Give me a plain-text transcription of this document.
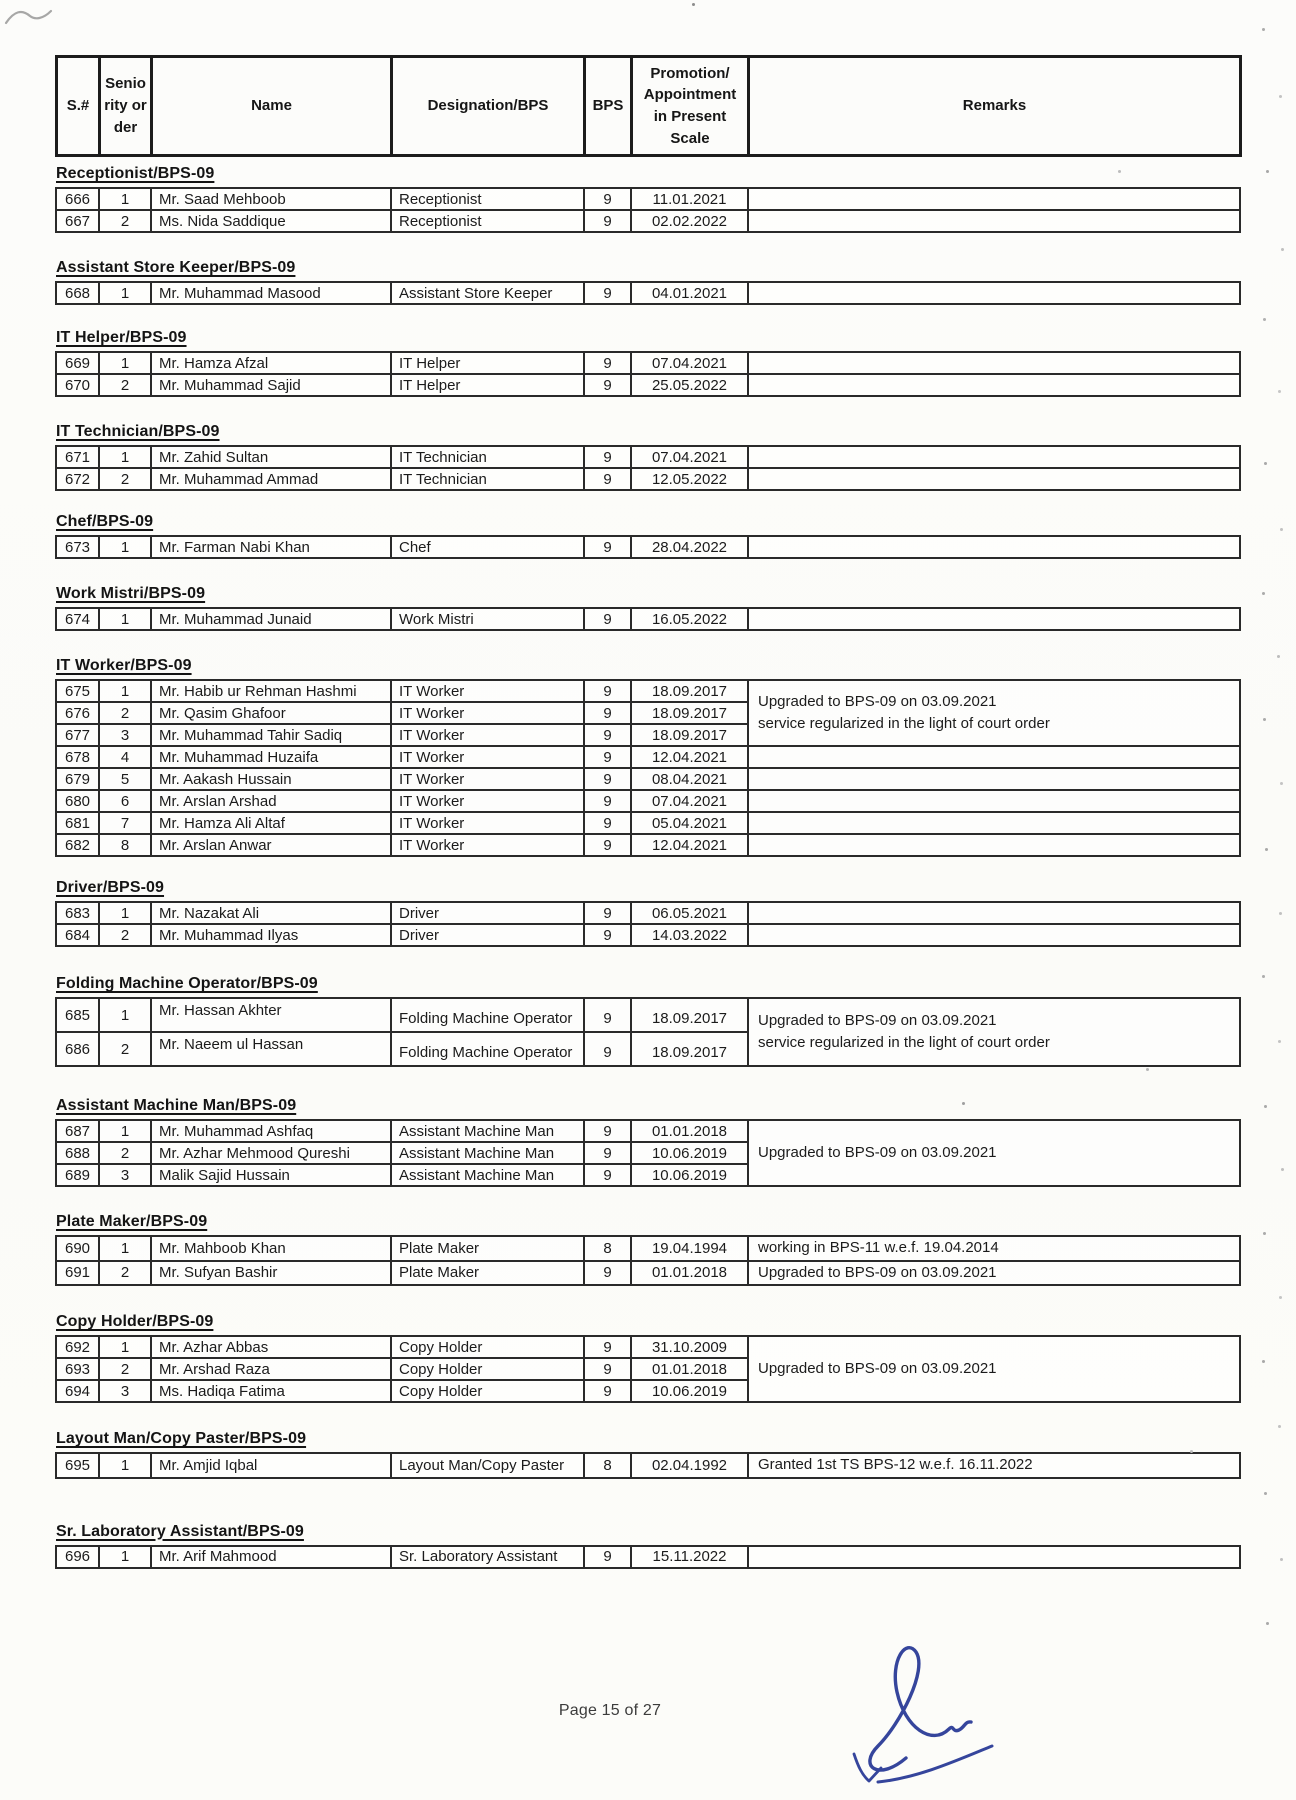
S.#	Seniority order	Name	Designation/BPS	BPS	Promotion/ Appointment in Present Scale	Remarks
Receptionist/BPS-09
666	1	Mr. Saad Mehboob	Receptionist	9	11.01.2021	
667	2	Ms. Nida Saddique	Receptionist	9	02.02.2022	
Assistant Store Keeper/BPS-09
668	1	Mr. Muhammad Masood	Assistant Store Keeper	9	04.01.2021	
IT Helper/BPS-09
669	1	Mr. Hamza Afzal	IT Helper	9	07.04.2021	
670	2	Mr. Muhammad Sajid	IT Helper	9	25.05.2022	
IT Technician/BPS-09
671	1	Mr. Zahid Sultan	IT Technician	9	07.04.2021	
672	2	Mr. Muhammad Ammad	IT Technician	9	12.05.2022	
Chef/BPS-09
673	1	Mr. Farman Nabi Khan	Chef	9	28.04.2022	
Work Mistri/BPS-09
674	1	Mr. Muhammad Junaid	Work Mistri	9	16.05.2022	
IT Worker/BPS-09
675	1	Mr. Habib ur Rehman Hashmi	IT Worker	9	18.09.2017	Upgraded to BPS-09 on 03.09.2021
service regularized in the light of court order

676	2	Mr. Qasim Ghafoor	IT Worker	9	18.09.2017	
677	3	Mr. Muhammad Tahir Sadiq	IT Worker	9	18.09.2017	
678	4	Mr. Muhammad Huzaifa	IT Worker	9	12.04.2021	
679	5	Mr. Aakash Hussain	IT Worker	9	08.04.2021	
680	6	Mr. Arslan Arshad	IT Worker	9	07.04.2021	
681	7	Mr. Hamza Ali Altaf	IT Worker	9	05.04.2021	
682	8	Mr. Arslan Anwar	IT Worker	9	12.04.2021	
Driver/BPS-09
683	1	Mr. Nazakat Ali	Driver	9	06.05.2021	
684	2	Mr. Muhammad Ilyas	Driver	9	14.03.2022	
Folding Machine Operator/BPS-09
685	1	Mr. Hassan Akhter	Folding Machine Operator	9	18.09.2017	Upgraded to BPS-09 on 03.09.2021
service regularized in the light of court order

686	2	Mr. Naeem ul Hassan	Folding Machine Operator	9	18.09.2017	
Assistant Machine Man/BPS-09
687	1	Mr. Muhammad Ashfaq	Assistant Machine Man	9	01.01.2018	Upgraded to BPS-09 on 03.09.2021

688	2	Mr. Azhar Mehmood Qureshi	Assistant Machine Man	9	10.06.2019	
689	3	Malik Sajid Hussain	Assistant Machine Man	9	10.06.2019	
Plate Maker/BPS-09
690	1	Mr. Mahboob Khan	Plate Maker	8	19.04.1994	working in BPS-11 w.e.f. 19.04.2014
691	2	Mr. Sufyan Bashir	Plate Maker	9	01.01.2018	Upgraded to BPS-09 on 03.09.2021
Copy Holder/BPS-09
692	1	Mr. Azhar Abbas	Copy Holder	9	31.10.2009	Upgraded to BPS-09 on 03.09.2021

693	2	Mr. Arshad Raza	Copy Holder	9	01.01.2018	
694	3	Ms. Hadiqa Fatima	Copy Holder	9	10.06.2019	
Layout Man/Copy Paster/BPS-09
695	1	Mr. Amjid Iqbal	Layout Man/Copy Paster	8	02.04.1992	Granted 1st TS BPS-12 w.e.f. 16.11.2022
Sr. Laboratory Assistant/BPS-09
696	1	Mr. Arif Mahmood	Sr. Laboratory Assistant	9	15.11.2022	
Page 15 of 27
